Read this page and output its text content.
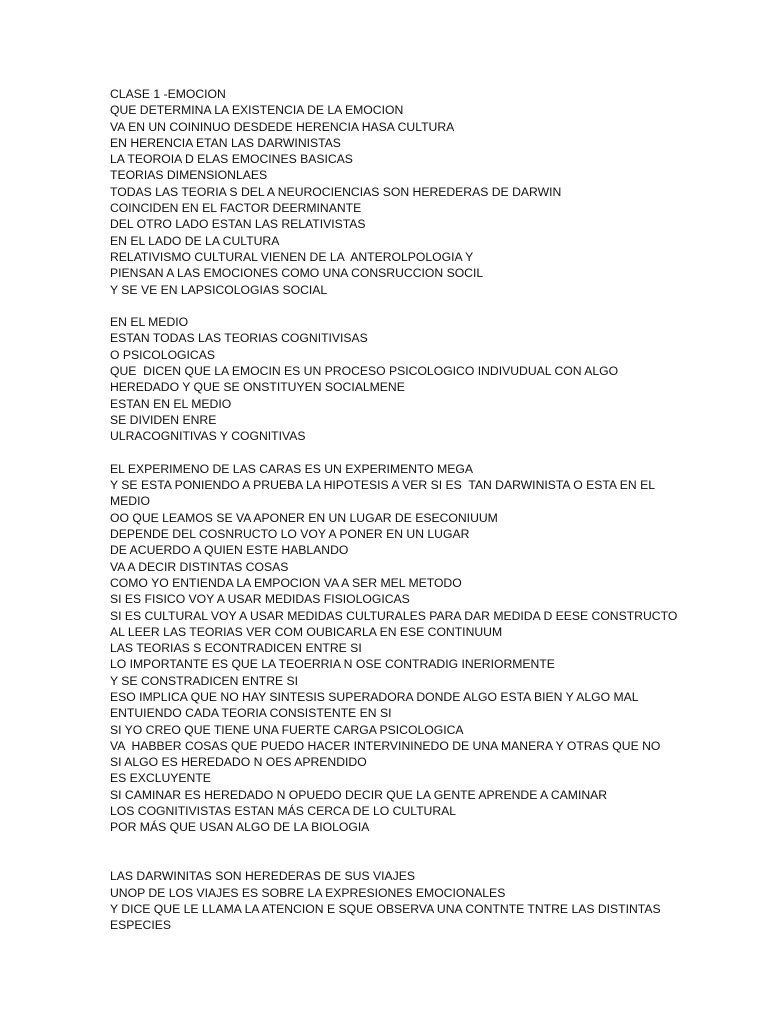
CLASE 1 -EMOCION
QUE DETERMINA LA EXISTENCIA DE LA EMOCION
VA EN UN COININUO DESDEDE HERENCIA HASA CULTURA
EN HERENCIA ETAN LAS DARWINISTAS
LA TEOROIA D ELAS EMOCINES BASICAS
TEORIAS DIMENSIONLAES
TODAS LAS TEORIA S DEL A NEUROCIENCIAS SON HEREDERAS DE DARWIN
COINCIDEN EN EL FACTOR DEERMINANTE
DEL OTRO LADO ESTAN LAS RELATIVISTAS
EN EL LADO DE LA CULTURA
RELATIVISMO CULTURAL VIENEN DE LA  ANTEROLPOLOGIA Y
PIENSAN A LAS EMOCIONES COMO UNA CONSRUCCION SOCIL
Y SE VE EN LAPSICOLOGIAS SOCIAL
EN EL MEDIO
ESTAN TODAS LAS TEORIAS COGNITIVISAS
O PSICOLOGICAS
QUE  DICEN QUE LA EMOCIN ES UN PROCESO PSICOLOGICO INDIVUDUAL CON ALGO
HEREDADO Y QUE SE ONSTITUYEN SOCIALMENE
ESTAN EN EL MEDIO
SE DIVIDEN ENRE
ULRACOGNITIVAS Y COGNITIVAS
EL EXPERIMENO DE LAS CARAS ES UN EXPERIMENTO MEGA
Y SE ESTA PONIENDO A PRUEBA LA HIPOTESIS A VER SI ES  TAN DARWINISTA O ESTA EN EL
MEDIO
OO QUE LEAMOS SE VA APONER EN UN LUGAR DE ESECONIUUM
DEPENDE DEL COSNRUCTO LO VOY A PONER EN UN LUGAR
DE ACUERDO A QUIEN ESTE HABLANDO
VA A DECIR DISTINTAS COSAS
COMO YO ENTIENDA LA EMPOCION VA A SER MEL METODO
SI ES FISICO VOY A USAR MEDIDAS FISIOLOGICAS
SI ES CULTURAL VOY A USAR MEDIDAS CULTURALES PARA DAR MEDIDA D EESE CONSTRUCTO
AL LEER LAS TEORIAS VER COM OUBICARLA EN ESE CONTINUUM
LAS TEORIAS S ECONTRADICEN ENTRE SI
LO IMPORTANTE ES QUE LA TEOERRIA N OSE CONTRADIG INERIORMENTE
Y SE CONSTRADICEN ENTRE SI
ESO IMPLICA QUE NO HAY SINTESIS SUPERADORA DONDE ALGO ESTA BIEN Y ALGO MAL
ENTUIENDO CADA TEORIA CONSISTENTE EN SI
SI YO CREO QUE TIENE UNA FUERTE CARGA PSICOLOGICA
VA  HABBER COSAS QUE PUEDO HACER INTERVININEDO DE UNA MANERA Y OTRAS QUE NO
SI ALGO ES HEREDADO N OES APRENDIDO
ES EXCLUYENTE
SI CAMINAR ES HEREDADO N OPUEDO DECIR QUE LA GENTE APRENDE A CAMINAR
LOS COGNITIVISTAS ESTAN MÁS CERCA DE LO CULTURAL
POR MÁS QUE USAN ALGO DE LA BIOLOGIA
LAS DARWINITAS SON HEREDERAS DE SUS VIAJES
UNOP DE LOS VIAJES ES SOBRE LA EXPRESIONES EMOCIONALES
Y DICE QUE LE LLAMA LA ATENCION E SQUE OBSERVA UNA CONTNTE TNTRE LAS DISTINTAS
ESPECIES
